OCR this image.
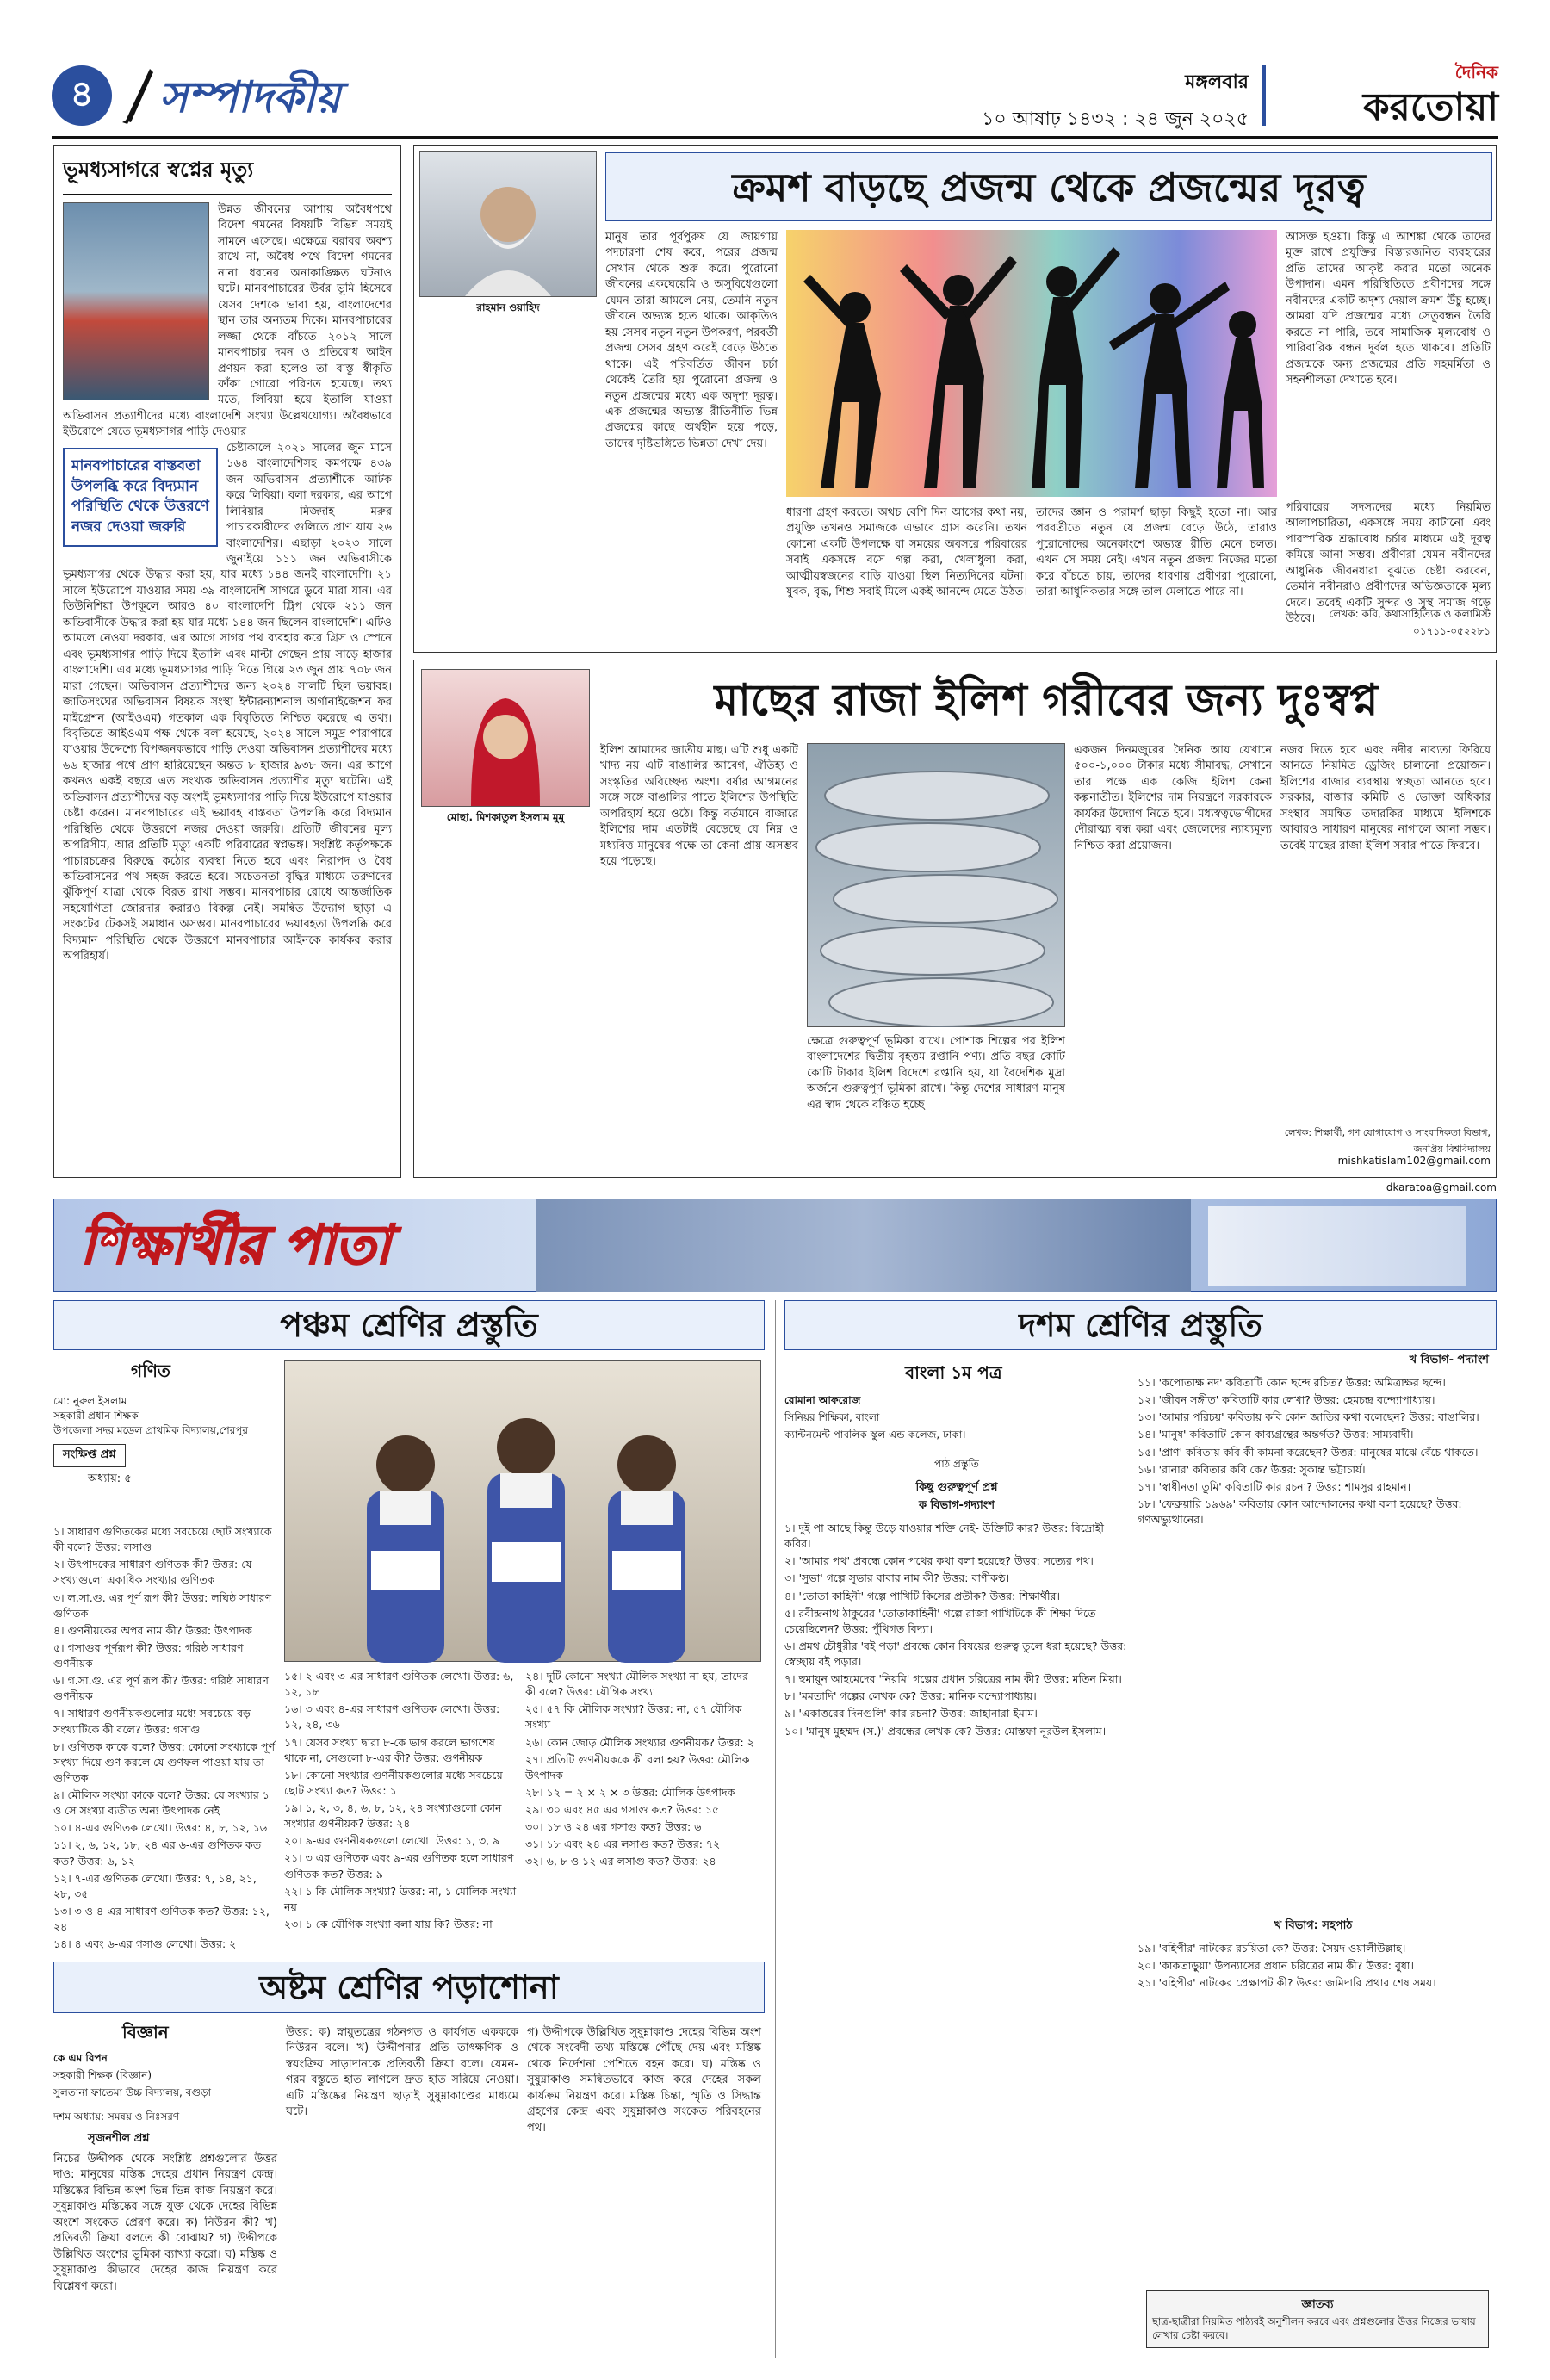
৪ সম্পাদকীয়	মঙ্গলবার
১০ আষাঢ় ১৪৩২ : ২৪ জুন ২০২৫
দৈনিক
করতোয়া
ভূমধ্যসাগরে স্বপ্নের মৃত্যু
উন্নত জীবনের আশায় অবৈধপথে বিদেশ গমনের বিষয়টি বিভিন্ন সময়ই সামনে এসেছে। এক্ষেত্রে বরাবর অবশ্য রাখে না, অবৈধ পথে বিদেশ গমনের নানা ধরনের অনাকাঙ্ক্ষিত ঘটনাও ঘটে। মানবপাচারের উর্বর ভূমি হিসেবে যেসব দেশকে ভাবা হয়, বাংলাদেশের স্থান তার অন্যতম দিকে। মানবপাচারের লজ্জা থেকে বাঁচতে ২০১২ সালে মানবপাচার দমন ও প্রতিরোধ আইন প্রণয়ন করা হলেও তা বাস্তু স্বীকৃতি ফাঁকা গোরো পরিণত হয়েছে। তথ্য মতে, লিবিয়া হয়ে ইতালি যাওয়া অভিবাসন প্রত্যাশীদের মধ্যে বাংলাদেশি সংখ্যা উল্লেখযোগ্য। অবৈধভাবে ইউরোপে যেতে ভূমধ্যসাগর পাড়ি দেওয়ার
মানবপাচারের বাস্তবতা উপলব্ধি করে বিদ্যমান পরিস্থিতি থেকে উত্তরণে নজর দেওয়া জরুরি
চেষ্টাকালে ২০২১ সালের জুন মাসে ১৬৪ বাংলাদেশিসহ কমপক্ষে ৪৩৯ জন অভিবাসন প্রত্যাশীকে আটক করে লিবিয়া। বলা দরকার, এর আগে লিবিয়ার মিজদাহ মরুর পাচারকারীদের গুলিতে প্রাণ যায় ২৬ বাংলাদেশির। এছাড়া ২০২৩ সালে জুনাইয়ে ১১১ জন অভিবাসীকে ভূমধ্যসাগর থেকে উদ্ধার করা হয়, যার মধ্যে ১৪৪ জনই বাংলাদেশি। ২১ সালে ইউরোপে যাওয়ার সময় ৩৯ বাংলাদেশি সাগরে ডুবে মারা যান। এর তিউনিশিয়া উপকূলে আরও ৪০ বাংলাদেশি ট্রিপ থেকে ২১১ জন অভিবাসীকে উদ্ধার করা হয় যার মধ্যে ১৪৪ জন ছিলেন বাংলাদেশি। এটিও আমলে নেওয়া দরকার, এর আগে সাগর পথ ব্যবহার করে গ্রিস ও স্পেনে এবং ভূমধ্যসাগর পাড়ি দিয়ে ইতালি এবং মাল্টা গেছেন প্রায় সাড়ে হাজার বাংলাদেশি। এর মধ্যে ভূমধ্যসাগর পাড়ি দিতে গিয়ে ২৩ জুন প্রায় ৭০৮ জন মারা গেছেন। অভিবাসন প্রত্যাশীদের জন্য ২০২৪ সালটি ছিল ভয়াবহ। জাতিসংঘের অভিবাসন বিষয়ক সংস্থা ইন্টারন্যাশনাল অর্গানাইজেশন ফর মাইগ্রেশন (আইওএম) গতকাল এক বিবৃতিতে নিশ্চিত করেছে এ তথ্য। বিবৃতিতে আইওএম পক্ষ থেকে বলা হয়েছে, ২০২৪ সালে সমুদ্র পারাপারে যাওয়ার উদ্দেশ্যে বিপজ্জনকভাবে পাড়ি দেওয়া অভিবাসন প্রত্যাশীদের মধ্যে ৬৬ হাজার পথে প্রাণ হারিয়েছেন অন্তত ৮ হাজার ৯৩৮ জন। এর আগে কখনও একই বছরে এত সংখ্যক অভিবাসন প্রত্যাশীর মৃত্যু ঘটেনি। এই অভিবাসন প্রত্যাশীদের বড় অংশই ভূমধ্যসাগর পাড়ি দিয়ে ইউরোপে যাওয়ার চেষ্টা করেন। মানবপাচারের এই ভয়াবহ বাস্তবতা উপলব্ধি করে বিদ্যমান পরিস্থিতি থেকে উত্তরণে নজর দেওয়া জরুরি। প্রতিটি জীবনের মূল্য অপরিসীম, আর প্রতিটি মৃত্যু একটি পরিবারের স্বপ্নভঙ্গ। সংশ্লিষ্ট কর্তৃপক্ষকে পাচারচক্রের বিরুদ্ধে কঠোর ব্যবস্থা নিতে হবে এবং নিরাপদ ও বৈধ অভিবাসনের পথ সহজ করতে হবে। সচেতনতা বৃদ্ধির মাধ্যমে তরুণদের ঝুঁকিপূর্ণ যাত্রা থেকে বিরত রাখা সম্ভব। মানবপাচার রোধে আন্তর্জাতিক সহযোগিতা জোরদার করারও বিকল্প নেই। সমন্বিত উদ্যোগ ছাড়া এ সংকটের টেকসই সমাধান অসম্ভব। মানবপাচারের ভয়াবহতা উপলব্ধি করে বিদ্যমান পরিস্থিতি থেকে উত্তরণে মানবপাচার আইনকে কার্যকর করার অপরিহার্য।
ক্রমশ বাড়ছে প্রজন্ম থেকে প্রজন্মের দূরত্ব
রাহমান ওয়াহিদ
মানুষ তার পূর্বপুরুষ যে জায়গায় পদচারণা শেষ করে, পরের প্রজন্ম সেখান থেকে শুরু করে। পুরোনো জীবনের একঘেয়েমি ও অসুবিধেগুলো যেমন তারা আমলে নেয়, তেমনি নতুন জীবনে অভ্যস্ত হতে থাকে। আকৃতিও হয় সেসব নতুন নতুন উপকরণ, পরবর্তী প্রজন্ম সেসব গ্রহণ করেই বেড়ে উঠতে থাকে। এই পরিবর্তিত জীবন চর্চা থেকেই তৈরি হয় পুরোনো প্রজন্ম ও নতুন প্রজন্মের মধ্যে এক অদৃশ্য দূরত্ব। এক প্রজন্মের অভ্যস্ত রীতিনীতি ভিন্ন প্রজন্মের কাছে অর্থহীন হয়ে পড়ে, তাদের দৃষ্টিভঙ্গিতে ভিন্নতা দেখা দেয়।
ধারণা গ্রহণ করতে। অথচ বেশি দিন আগের কথা নয়, প্রযুক্তি তখনও সমাজকে এভাবে গ্রাস করেনি। তখন কোনো একটি উপলক্ষে বা সময়ের অবসরে পরিবারের সবাই একসঙ্গে বসে গল্প করা, খেলাধুলা করা, আত্মীয়স্বজনের বাড়ি যাওয়া ছিল নিত্যদিনের ঘটনা। যুবক, বৃদ্ধ, শিশু সবাই মিলে একই আনন্দে মেতে উঠত।
তাদের জ্ঞান ও পরামর্শ ছাড়া কিছুই হতো না। আর পরবর্তীতে নতুন যে প্রজন্ম বেড়ে উঠে, তারাও পুরোনোদের অনেকাংশে অভ্যস্ত রীতি মেনে চলত। এখন সে সময় নেই। এখন নতুন প্রজন্ম নিজের মতো করে বাঁচতে চায়, তাদের ধারণায় প্রবীণরা পুরোনো, তারা আধুনিকতার সঙ্গে তাল মেলাতে পারে না।
আসক্ত হওয়া। কিন্তু এ আশঙ্কা থেকে তাদের মুক্ত রাখে প্রযুক্তির বিস্তারজনিত ব্যবহারের প্রতি তাদের আকৃষ্ট করার মতো অনেক উপাদান। এমন পরিস্থিতিতে প্রবীণদের সঙ্গে নবীনদের একটি অদৃশ্য দেয়াল ক্রমশ উঁচু হচ্ছে। আমরা যদি প্রজন্মের মধ্যে সেতুবন্ধন তৈরি করতে না পারি, তবে সামাজিক মূল্যবোধ ও পারিবারিক বন্ধন দুর্বল হতে থাকবে। প্রতিটি প্রজন্মকে অন্য প্রজন্মের প্রতি সহমর্মিতা ও সহনশীলতা দেখাতে হবে।
পরিবারের সদস্যদের মধ্যে নিয়মিত আলাপচারিতা, একসঙ্গে সময় কাটানো এবং পারস্পরিক শ্রদ্ধাবোধ চর্চার মাধ্যমে এই দূরত্ব কমিয়ে আনা সম্ভব। প্রবীণরা যেমন নবীনদের আধুনিক জীবনধারা বুঝতে চেষ্টা করবেন, তেমনি নবীনরাও প্রবীণদের অভিজ্ঞতাকে মূল্য দেবে। তবেই একটি সুন্দর ও সুস্থ সমাজ গড়ে উঠবে।	লেখক: কবি, কথাসাহিত্যিক ও কলামিস্ট
০১৭১১-০৫২২৮১
মাছের রাজা ইলিশ গরীবের জন্য দুঃস্বপ্ন
মোছা. মিশকাতুল ইসলাম মুমু
ইলিশ আমাদের জাতীয় মাছ। এটি শুধু একটি খাদ্য নয় এটি বাঙালির আবেগ, ঐতিহ্য ও সংস্কৃতির অবিচ্ছেদ্য অংশ। বর্ষার আগমনের সঙ্গে সঙ্গে বাঙালির পাতে ইলিশের উপস্থিতি অপরিহার্য হয়ে ওঠে। কিন্তু বর্তমানে বাজারে ইলিশের দাম এতটাই বেড়েছে যে নিম্ন ও মধ্যবিত্ত মানুষের পক্ষে তা কেনা প্রায় অসম্ভব হয়ে পড়েছে।
ক্ষেত্রে গুরুত্বপূর্ণ ভূমিকা রাখে। পোশাক শিল্পের পর ইলিশ বাংলাদেশের দ্বিতীয় বৃহত্তম রপ্তানি পণ্য। প্রতি বছর কোটি কোটি টাকার ইলিশ বিদেশে রপ্তানি হয়, যা বৈদেশিক মুদ্রা অর্জনে গুরুত্বপূর্ণ ভূমিকা রাখে। কিন্তু দেশের সাধারণ মানুষ এর স্বাদ থেকে বঞ্চিত হচ্ছে।
একজন দিনমজুরের দৈনিক আয় যেখানে ৫০০-১,০০০ টাকার মধ্যে সীমাবদ্ধ, সেখানে তার পক্ষে এক কেজি ইলিশ কেনা কল্পনাতীত। ইলিশের দাম নিয়ন্ত্রণে সরকারকে কার্যকর উদ্যোগ নিতে হবে। মধ্যস্বত্বভোগীদের দৌরাত্ম্য বন্ধ করা এবং জেলেদের ন্যায্যমূল্য নিশ্চিত করা প্রয়োজন।
নজর দিতে হবে এবং নদীর নাব্যতা ফিরিয়ে আনতে নিয়মিত ড্রেজিং চালানো প্রয়োজন। ইলিশের বাজার ব্যবস্থায় স্বচ্ছতা আনতে হবে। সরকার, বাজার কমিটি ও ভোক্তা অধিকার সংস্থার সমন্বিত তদারকির মাধ্যমে ইলিশকে আবারও সাধারণ মানুষের নাগালে আনা সম্ভব। তবেই মাছের রাজা ইলিশ সবার পাতে ফিরবে।
লেখক: শিক্ষার্থী, গণ যোগাযোগ ও সাংবাদিকতা বিভাগ, জনপ্রিয় বিশ্ববিদ্যালয়
mishkatislam102@gmail.com
dkaratoa@gmail.com
শিক্ষার্থীর পাতা
পঞ্চম শ্রেণির প্রস্তুতি
গণিত
মো: নুরুল ইসলাম
সহকারী প্রধান শিক্ষক
উপজেলা সদর মডেল প্রাথমিক বিদ্যালয়,শেরপুর
সংক্ষিপ্ত প্রশ্ন
অধ্যায়: ৫
১। সাধারণ গুণিতকের মধ্যে সবচেয়ে ছোট সংখ্যাকে কী বলে? উত্তর: লসাগু
২। উৎপাদকের সাধারণ গুণিতক কী? উত্তর: যে সংখ্যাগুলো একাধিক সংখ্যার গুণিতক
৩। ল.সা.গু. এর পূর্ণ রূপ কী? উত্তর: লঘিষ্ঠ সাধারণ গুণিতক
৪। গুণনীয়কের অপর নাম কী? উত্তর: উৎপাদক
৫। গসাগুর পূর্ণরূপ কী? উত্তর: গরিষ্ঠ সাধারণ গুণনীয়ক
৬। গ.সা.গু. এর পূর্ণ রূপ কী? উত্তর: গরিষ্ঠ সাধারণ গুণনীয়ক
৭। সাধারণ গুণনীয়কগুলোর মধ্যে সবচেয়ে বড় সংখ্যাটিকে কী বলে? উত্তর: গসাগু
৮। গুণিতক কাকে বলে? উত্তর: কোনো সংখ্যাকে পূর্ণ সংখ্যা দিয়ে গুণ করলে যে গুণফল পাওয়া যায় তা গুণিতক
৯। মৌলিক সংখ্যা কাকে বলে? উত্তর: যে সংখ্যার ১ ও সে সংখ্যা ব্যতীত অন্য উৎপাদক নেই
১০। ৪-এর গুণিতক লেখো। উত্তর: ৪, ৮, ১২, ১৬
১১। ২, ৬, ১২, ১৮, ২৪ এর ৬-এর গুণিতক কত কত? উত্তর: ৬, ১২
১২। ৭-এর গুণিতক লেখো। উত্তর: ৭, ১৪, ২১, ২৮, ৩৫
১৩। ৩ ও ৪-এর সাধারণ গুণিতক কত? উত্তর: ১২, ২৪
১৪। ৪ এবং ৬-এর গসাগু লেখো। উত্তর: ২
১৫। ২ এবং ৩-এর সাধারণ গুণিতক লেখো। উত্তর: ৬, ১২, ১৮
১৬। ৩ এবং ৪-এর সাধারণ গুণিতক লেখো। উত্তর: ১২, ২৪, ৩৬
১৭। যেসব সংখ্যা দ্বারা ৮-কে ভাগ করলে ভাগশেষ থাকে না, সেগুলো ৮-এর কী? উত্তর: গুণনীয়ক
১৮। কোনো সংখ্যার গুণনীয়কগুলোর মধ্যে সবচেয়ে ছোট সংখ্যা কত? উত্তর: ১
১৯। ১, ২, ৩, ৪, ৬, ৮, ১২, ২৪ সংখ্যাগুলো কোন সংখ্যার গুণনীয়ক? উত্তর: ২৪
২০। ৯-এর গুণনীয়কগুলো লেখো। উত্তর: ১, ৩, ৯
২১। ৩ এর গুণিতক এবং ৯-এর গুণিতক হলে সাধারণ গুণিতক কত? উত্তর: ৯
২২। ১ কি মৌলিক সংখ্যা? উত্তর: না, ১ মৌলিক সংখ্যা নয়
২৩। ১ কে যৌগিক সংখ্যা বলা যায় কি? উত্তর: না
২৪। দুটি কোনো সংখ্যা মৌলিক সংখ্যা না হয়, তাদের কী বলে? উত্তর: যৌগিক সংখ্যা
২৫। ৫৭ কি মৌলিক সংখ্যা? উত্তর: না, ৫৭ যৌগিক সংখ্যা
২৬। কোন জোড় মৌলিক সংখ্যার গুণনীয়ক? উত্তর: ২
২৭। প্রতিটি গুণনীয়ককে কী বলা হয়? উত্তর: মৌলিক উৎপাদক
২৮। ১২ = ২ × ২ × ৩ উত্তর: মৌলিক উৎপাদক
২৯। ৩০ এবং ৪৫ এর গসাগু কত? উত্তর: ১৫
৩০। ১৮ ও ২৪ এর গসাগু কত? উত্তর: ৬
৩১। ১৮ এবং ২৪ এর লসাগু কত? উত্তর: ৭২
৩২। ৬, ৮ ও ১২ এর লসাগু কত? উত্তর: ২৪
অষ্টম শ্রেণির পড়াশোনা
বিজ্ঞান
কে এম রিপন
সহকারী শিক্ষক (বিজ্ঞান)
সুলতানা ফাতেমা উচ্চ বিদ্যালয়, বগুড়া
দশম অধ্যায়: সমন্বয় ও নিঃসরণ
সৃজনশীল প্রশ্ন
নিচের উদ্দীপক থেকে সংশ্লিষ্ট প্রশ্নগুলোর উত্তর দাও: মানুষের মস্তিষ্ক দেহের প্রধান নিয়ন্ত্রণ কেন্দ্র। মস্তিষ্কের বিভিন্ন অংশ ভিন্ন ভিন্ন কাজ নিয়ন্ত্রণ করে। সুষুম্নাকাণ্ড মস্তিষ্কের সঙ্গে যুক্ত থেকে দেহের বিভিন্ন অংশে সংকেত প্রেরণ করে। ক) নিউরন কী? খ) প্রতিবর্তী ক্রিয়া বলতে কী বোঝায়? গ) উদ্দীপকে উল্লিখিত অংশের ভূমিকা ব্যাখ্যা করো। ঘ) মস্তিষ্ক ও সুষুম্নাকাণ্ড কীভাবে দেহের কাজ নিয়ন্ত্রণ করে বিশ্লেষণ করো।
উত্তর: ক) স্নায়ুতন্ত্রের গঠনগত ও কার্যগত একককে নিউরন বলে। খ) উদ্দীপনার প্রতি তাৎক্ষণিক ও স্বয়ংক্রিয় সাড়াদানকে প্রতিবর্তী ক্রিয়া বলে। যেমন- গরম বস্তুতে হাত লাগলে দ্রুত হাত সরিয়ে নেওয়া। এটি মস্তিষ্কের নিয়ন্ত্রণ ছাড়াই সুষুম্নাকাণ্ডের মাধ্যমে ঘটে।
গ) উদ্দীপকে উল্লিখিত সুষুম্নাকাণ্ড দেহের বিভিন্ন অংশ থেকে সংবেদী তথ্য মস্তিষ্কে পৌঁছে দেয় এবং মস্তিষ্ক থেকে নির্দেশনা পেশিতে বহন করে। ঘ) মস্তিষ্ক ও সুষুম্নাকাণ্ড সমন্বিতভাবে কাজ করে দেহের সকল কার্যক্রম নিয়ন্ত্রণ করে। মস্তিষ্ক চিন্তা, স্মৃতি ও সিদ্ধান্ত গ্রহণের কেন্দ্র এবং সুষুম্নাকাণ্ড সংকেত পরিবহনের পথ।
দশম শ্রেণির প্রস্তুতি
বাংলা ১ম পত্র
রোমানা আফরোজ
সিনিয়র শিক্ষিকা, বাংলা
ক্যান্টনমেন্ট পাবলিক স্কুল এন্ড কলেজ, ঢাকা।
পাঠ প্রস্তুতি
কিছু গুরুত্বপূর্ণ প্রশ্ন
ক বিভাগ-গদ্যাংশ
১। দুই পা আছে কিন্তু উড়ে যাওয়ার শক্তি নেই- উক্তিটি কার? উত্তর: বিদ্রোহী কবির।
২। 'আমার পথ' প্রবন্ধে কোন পথের কথা বলা হয়েছে? উত্তর: সত্যের পথ।
৩। 'সুভা' গল্পে সুভার বাবার নাম কী? উত্তর: বাণীকণ্ঠ।
৪। 'তোতা কাহিনী' গল্পে পাখিটি কিসের প্রতীক? উত্তর: শিক্ষার্থীর।
৫। রবীন্দ্রনাথ ঠাকুরের 'তোতাকাহিনী' গল্পে রাজা পাখিটিকে কী শিক্ষা দিতে চেয়েছিলেন? উত্তর: পুঁথিগত বিদ্যা।
৬। প্রমথ চৌধুরীর 'বই পড়া' প্রবন্ধে কোন বিষয়ের গুরুত্ব তুলে ধরা হয়েছে? উত্তর: স্বেচ্ছায় বই পড়ার।
৭। হুমায়ূন আহমেদের 'নিয়মি' গল্পের প্রধান চরিত্রের নাম কী? উত্তর: মতিন মিয়া।
৮। 'মমতাদি' গল্পের লেখক কে? উত্তর: মানিক বন্দ্যোপাধ্যায়।
৯। 'একাত্তরের দিনগুলি' কার রচনা? উত্তর: জাহানারা ইমাম।
১০। 'মানুষ মুহম্মদ (স.)' প্রবন্ধের লেখক কে? উত্তর: মোস্তফা নূরউল ইসলাম।
খ বিভাগ- পদ্যাংশ
১১। 'কপোতাক্ষ নদ' কবিতাটি কোন ছন্দে রচিত? উত্তর: অমিত্রাক্ষর ছন্দে।
১২। 'জীবন সঙ্গীত' কবিতাটি কার লেখা? উত্তর: হেমচন্দ্র বন্দ্যোপাধ্যায়।
১৩। 'আমার পরিচয়' কবিতায় কবি কোন জাতির কথা বলেছেন? উত্তর: বাঙালির।
১৪। 'মানুষ' কবিতাটি কোন কাব্যগ্রন্থের অন্তর্গত? উত্তর: সাম্যবাদী।
১৫। 'প্রাণ' কবিতায় কবি কী কামনা করেছেন? উত্তর: মানুষের মাঝে বেঁচে থাকতে।
১৬। 'রানার' কবিতার কবি কে? উত্তর: সুকান্ত ভট্টাচার্য।
১৭। 'স্বাধীনতা তুমি' কবিতাটি কার রচনা? উত্তর: শামসুর রাহমান।
১৮। 'ফেব্রুয়ারি ১৯৬৯' কবিতায় কোন আন্দোলনের কথা বলা হয়েছে? উত্তর: গণঅভ্যুত্থানের।
খ বিভাগ: সহপাঠ
১৯। 'বহিপীর' নাটকের রচয়িতা কে? উত্তর: সৈয়দ ওয়ালীউল্লাহ।
২০। 'কাকতাড়ুয়া' উপন্যাসের প্রধান চরিত্রের নাম কী? উত্তর: বুধা।
২১। 'বহিপীর' নাটকের প্রেক্ষাপট কী? উত্তর: জমিদারি প্রথার শেষ সময়।
জ্ঞাতব্য
ছাত্র-ছাত্রীরা নিয়মিত পাঠ্যবই অনুশীলন করবে এবং প্রশ্নগুলোর উত্তর নিজের ভাষায় লেখার চেষ্টা করবে।
